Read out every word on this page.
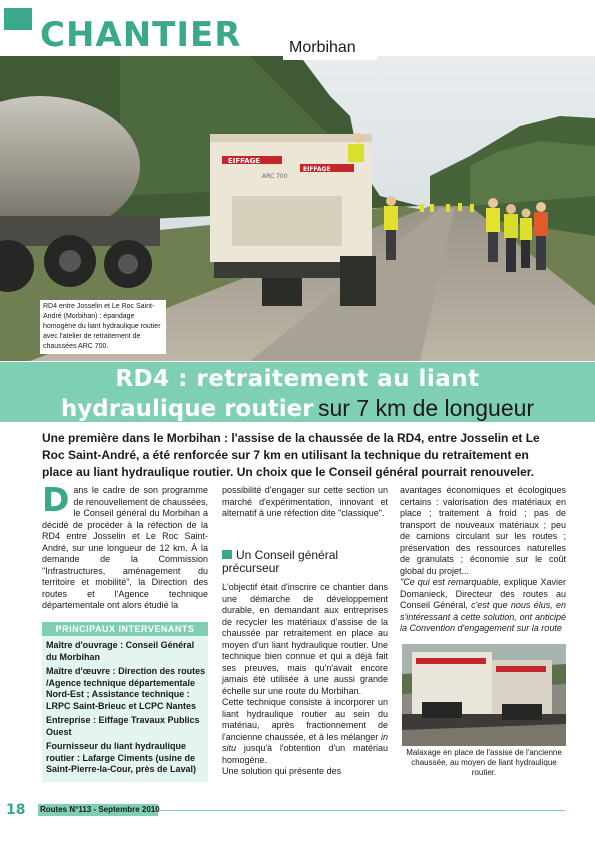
CHANTIER
EIFFAGE
EIFFAGE
ARC 700
Morbihan
RD4 entre Josselin et Le Roc Saint-André (Morbihan) : épandage homogène du liant hydraulique routier avec l'atelier de retraitement de chaussées ARC 700.
RD4 : retraitement au liant
hydraulique routier sur 7 km de longueur
Une première dans le Morbihan : l'assise de la chaussée de la RD4, entre Josselin et Le Roc Saint-André, a été renforcée sur 7 km en utilisant la technique du retraitement en place au liant hydraulique routier. Un choix que le Conseil général pourrait renouveler.
Dans le cadre de son programme de renouvellement de chaussées, le Conseil général du Morbihan a décidé de procéder à la réfection de la RD4 entre Josselin et Le Roc Saint-André, sur une longueur de 12 km. À la demande de la Commission "Infrastructures, aménagement du territoire et mobilité", la Direction des routes et l'Agence technique départementale ont alors étudié la
PRINCIPAUX INTERVENANTS

Maître d'ouvrage : Conseil Général du Morbihan

Maître d'œuvre : Direction des routes /Agence technique départementale Nord-Est ; Assistance technique : LRPC Saint-Brieuc et LCPC Nantes

Entreprise : Eiffage Travaux Publics Ouest

Fournisseur du liant hydraulique routier : Lafarge Ciments (usine de Saint-Pierre-la-Cour, près de Laval)

possibilité d'engager sur cette section un marché d'expérimentation, innovant et alternatif à une réfection dite "classique".
Un Conseil général précurseur

L'objectif était d'inscrire ce chantier dans une démarche de développement durable, en demandant aux entreprises de recycler les matériaux d'assise de la chaussée par retraitement en place au moyen d'un liant hydraulique routier. Une technique bien connue et qui a déjà fait ses preuves, mais qu'n'avait encore jamais été utilisée à une aussi grande échelle sur une route du Morbihan.

Cette technique consiste à incorporer un liant hydraulique routier au sein du matériau, après fractionnement de l'ancienne chaussée, et à les mélanger in situ jusqu'à l'obtention d'un matériau homogène.

Une solution qui présente des

avantages économiques et écologiques certains : valorisation des matériaux en place ; traitement à froid ; pas de transport de nouveaux matériaux ; peu de camions circulant sur les routes ; préservation des ressources naturelles de granulats ; économie sur le coût global du projet...

"Ce qui est remarquable, explique Xavier Domanieck, Directeur des routes au Conseil Général, c'est que nous élus, en s'intéressant à cette solution, ont anticipé la Convention d'engagement sur la route

Malaxage en place de l'assise de l'ancienne chaussée, au moyen de liant hydraulique routier.
18 Routes N°113 - Septembre 2010
